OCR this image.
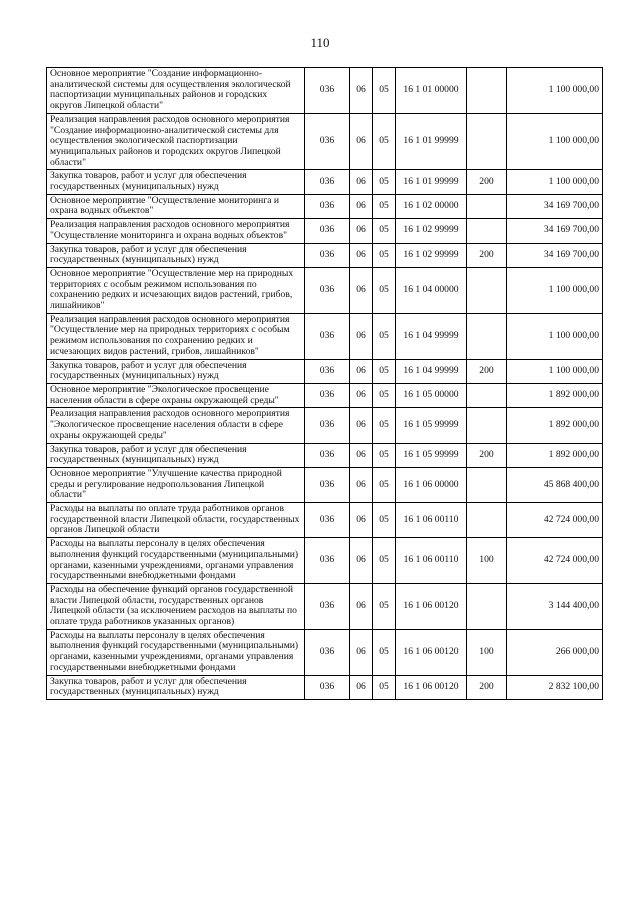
110
Основное мероприятие "Создание информационно-аналитической системы для осуществления экологической паспортизации муниципальных районов и городских округов Липецкой области"	036	06	05	16 1 01 00000		1 100 000,00
Реализация направления расходов основного мероприятия "Создание информационно-аналитической системы для осуществления экологической паспортизации муниципальных районов и городских округов Липецкой области"	036	06	05	16 1 01 99999		1 100 000,00
Закупка товаров, работ и услуг для обеспечения государственных (муниципальных) нужд	036	06	05	16 1 01 99999	200	1 100 000,00
Основное мероприятие "Осуществление мониторинга и охрана водных объектов"	036	06	05	16 1 02 00000		34 169 700,00
Реализация направления расходов основного мероприятия "Осуществление мониторинга и охрана водных объектов"	036	06	05	16 1 02 99999		34 169 700,00
Закупка товаров, работ и услуг для обеспечения государственных (муниципальных) нужд	036	06	05	16 1 02 99999	200	34 169 700,00
Основное мероприятие "Осуществление мер на природных территориях с особым режимом использования по сохранению редких и исчезающих видов растений, грибов, лишайников"	036	06	05	16 1 04 00000		1 100 000,00
Реализация направления расходов основного мероприятия "Осуществление мер на природных территориях с особым режимом использования по сохранению редких и исчезающих видов растений, грибов, лишайников"	036	06	05	16 1 04 99999		1 100 000,00
Закупка товаров, работ и услуг для обеспечения государственных (муниципальных) нужд	036	06	05	16 1 04 99999	200	1 100 000,00
Основное мероприятие "Экологическое просвещение населения области в сфере охраны окружающей среды"	036	06	05	16 1 05 00000		1 892 000,00
Реализация направления расходов основного мероприятия "Экологическое просвещение населения области в сфере охраны окружающей среды"	036	06	05	16 1 05 99999		1 892 000,00
Закупка товаров, работ и услуг для обеспечения государственных (муниципальных) нужд	036	06	05	16 1 05 99999	200	1 892 000,00
Основное мероприятие "Улучшение качества природной среды и регулирование недропользования Липецкой области"	036	06	05	16 1 06 00000		45 868 400,00
Расходы на выплаты по оплате труда работников органов государственной власти Липецкой области, государственных органов Липецкой области	036	06	05	16 1 06 00110		42 724 000,00
Расходы на выплаты персоналу в целях обеспечения выполнения функций государственными (муниципальными) органами, казенными учреждениями, органами управления государственными внебюджетными фондами	036	06	05	16 1 06 00110	100	42 724 000,00
Расходы на обеспечение функций органов государственной власти Липецкой области, государственных органов Липецкой области (за исключением расходов на выплаты по оплате труда работников указанных органов)	036	06	05	16 1 06 00120		3 144 400,00
Расходы на выплаты персоналу в целях обеспечения выполнения функций государственными (муниципальными) органами, казенными учреждениями, органами управления государственными внебюджетными фондами	036	06	05	16 1 06 00120	100	266 000,00
Закупка товаров, работ и услуг для обеспечения государственных (муниципальных) нужд	036	06	05	16 1 06 00120	200	2 832 100,00
